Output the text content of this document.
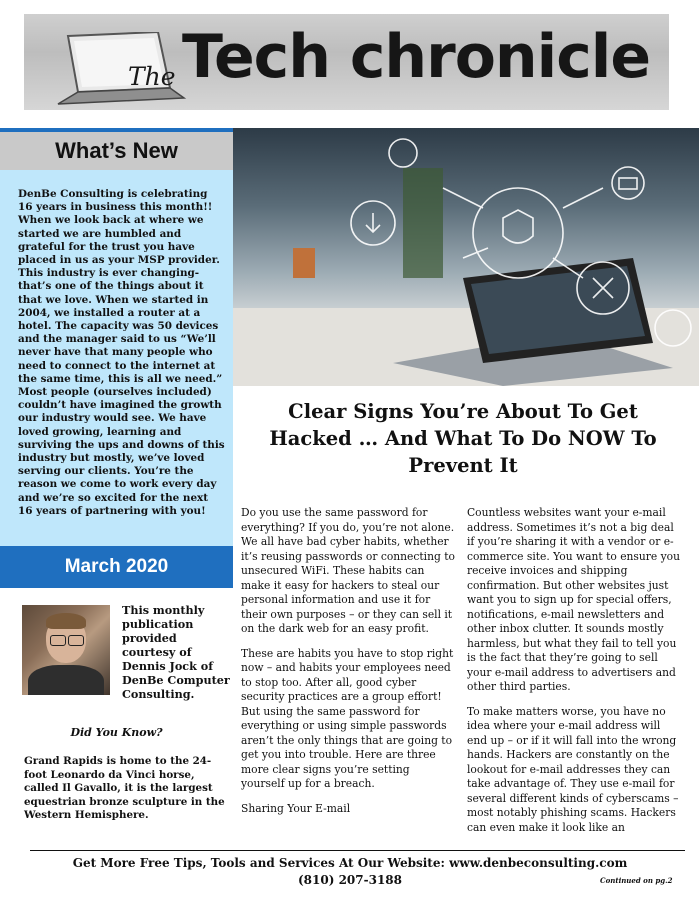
The Tech chronicle
What’s New
DenBe Consulting is celebrating 16 years in business this month!! When we look back at where we started we are humbled and grateful for the trust you have placed in us as your MSP provider. This industry is ever changing- that’s one of the things about it that we love. When we started in 2004, we installed a router at a hotel. The capacity was 50 devices and the manager said to us “We’ll never have that many people who need to connect to the internet at the same time, this is all we need.” Most people (ourselves included) couldn’t have imagined the growth our industry would see. We have loved growing, learning and surviving the ups and downs of this industry but mostly, we’ve loved serving our clients. You’re the reason we come to work every day and we’re so excited for the next 16 years of partnering with you!
March 2020
This monthly publication provided courtesy of Dennis Jock of DenBe Computer Consulting.
Did You Know?
Grand Rapids is home to the 24-foot Leonardo da Vinci horse, called Il Gavallo, it is the largest equestrian bronze sculpture in the Western Hemisphere.
Clear Signs You’re About To Get Hacked … And What To Do NOW To Prevent It

Do you use the same password for everything? If you do, you’re not alone. We all have bad cyber habits, whether it’s reusing passwords or connecting to unsecured WiFi. These habits can make it easy for hackers to steal our personal information and use it for their own purposes – or they can sell it on the dark web for an easy profit.

These are habits you have to stop right now – and habits your employees need to stop too. After all, good cyber security practices are a group effort! But using the same password for everything or using simple passwords aren’t the only things that are going to get you into trouble. Here are three more clear signs you’re setting yourself up for a breach.

Sharing Your E-mail

Countless websites want your e-mail address. Sometimes it’s not a big deal if you’re sharing it with a vendor or e-commerce site. You want to ensure you receive invoices and shipping confirmation. But other websites just want you to sign up for special offers, notifications, e-mail newsletters and other inbox clutter. It sounds mostly harmless, but what they fail to tell you is the fact that they’re going to sell your e-mail address to advertisers and other third parties.

To make matters worse, you have no idea where your e-mail address will end up – or if it will fall into the wrong hands. Hackers are constantly on the lookout for e-mail addresses they can take advantage of. They use e-mail for several different kinds of cyberscams – most notably phishing scams. Hackers can even make it look like an

Get More Free Tips, Tools and Services At Our Website: www.denbeconsulting.com
(810) 207-3188	Continued on pg.2
